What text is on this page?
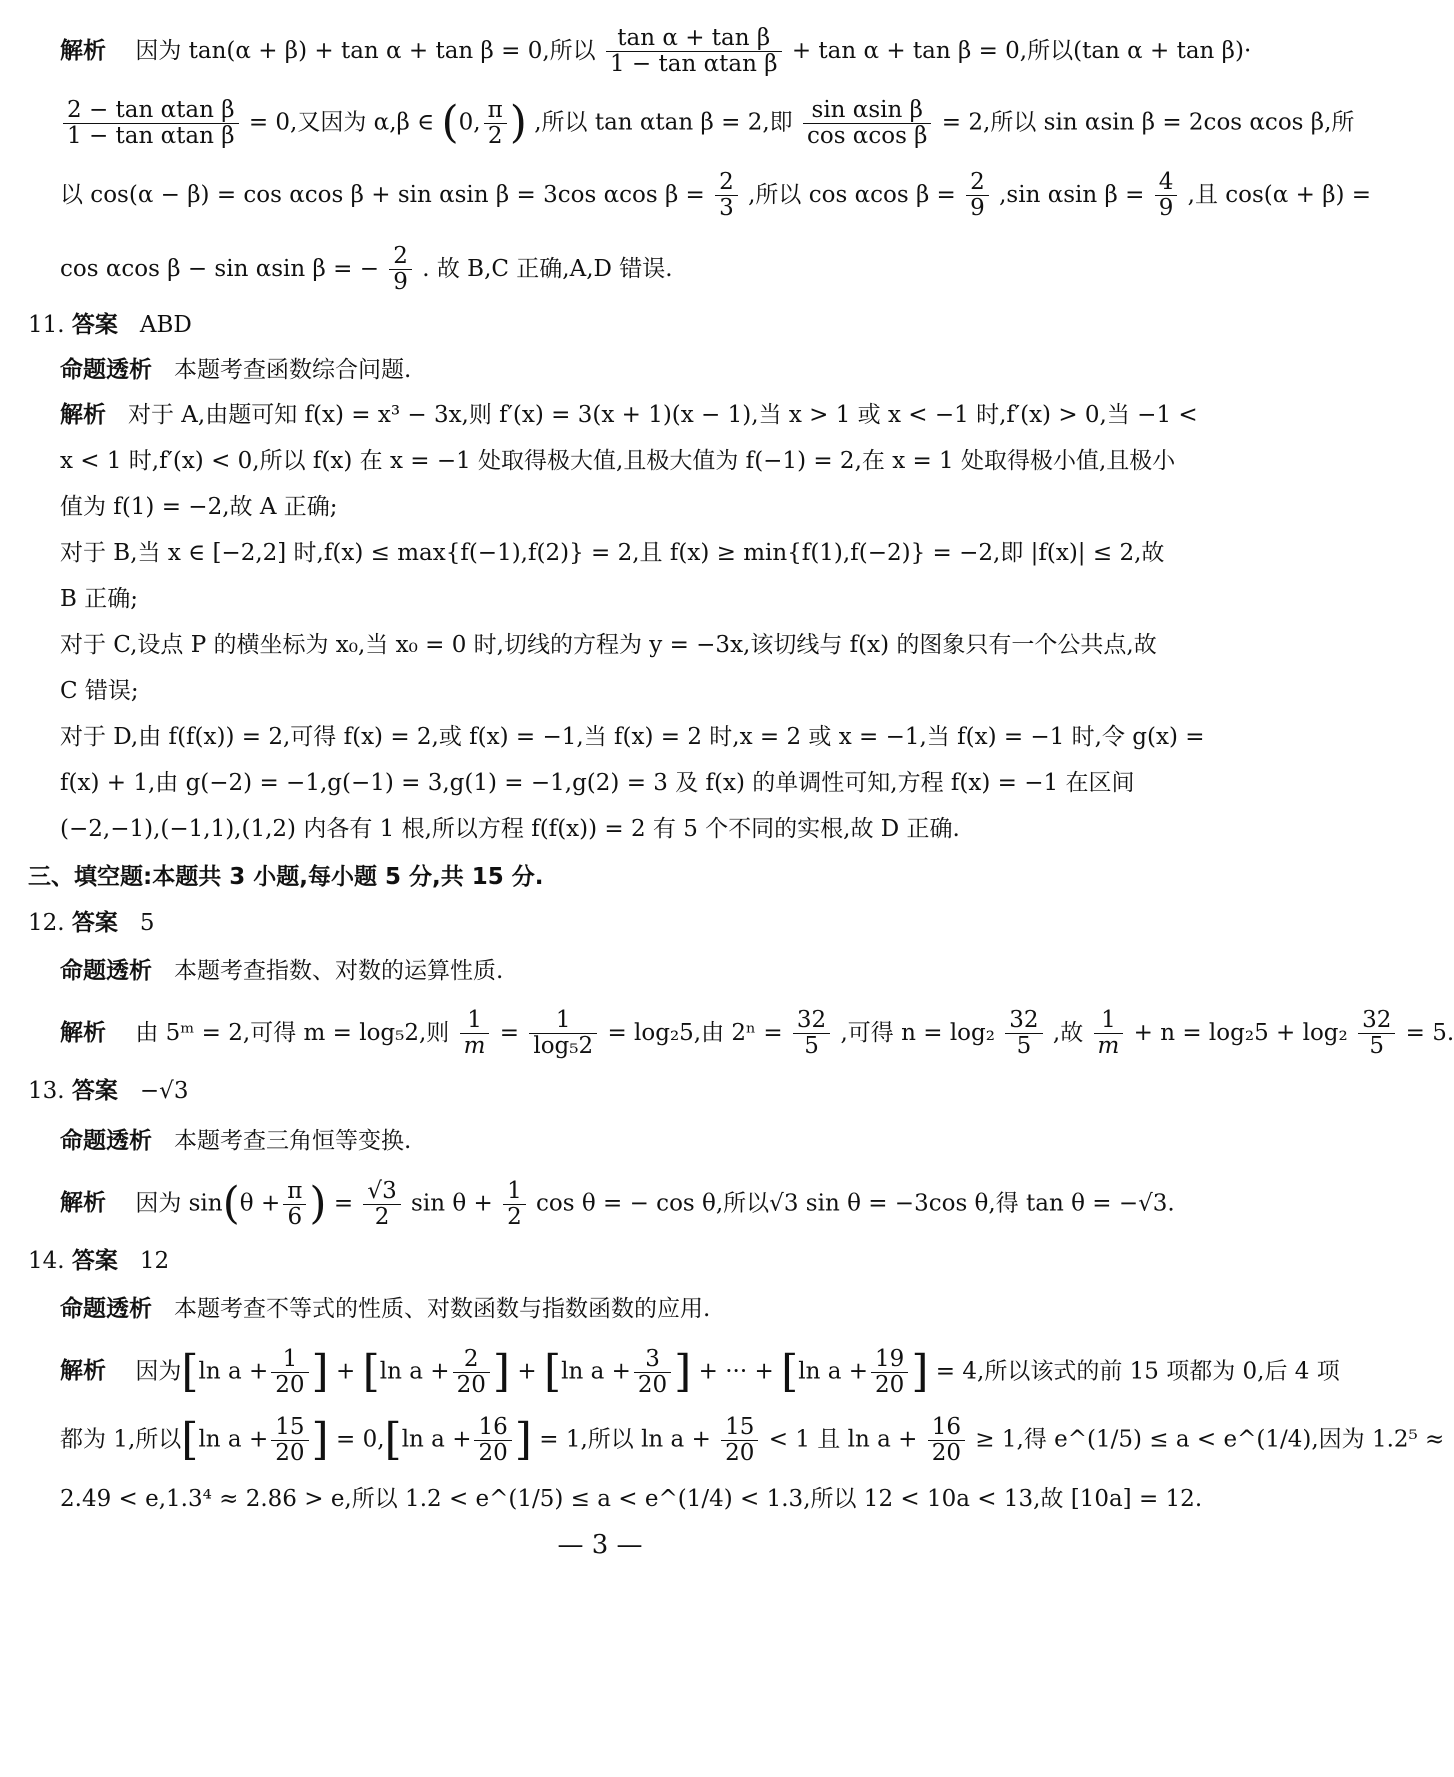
解析 因为 tan(α + β) + tan α + tan β = 0,所以 $\frac{\text{tan α + tan β}}{\text{1 − tan αtan β}} + \tan \alpha + \tan \beta = 0$,所以(tan α + tan β)·
$\frac{\text{2 − tan αtan β}}{\text{1 − tan αtan β}} = 0$,又因为 α,β ∈ (0, $\frac{\pi}{2}$ ) ,所以 tan αtan β = 2,即 $\frac{\text{sin αsin β}}{\text{cos αcos β}} = 2$,所以 sin αsin β = 2cos αcos β,所
以 cos(α − β) = cos αcos β + sin αsin β = 3cos αcos $\beta = \frac{2}{3}$ ,所以 cos αcos $\beta = \frac{2}{9} ,\sin$ αsin $\beta = \frac{4}{9}$ ,且 cos(α + β) =
cos αcos β − sin αsin β = − $\frac{2}{9}$ . 故 B,C 正确,A,D 错误.
11. 答案 ABD
命题透析 本题考查函数综合问题.
解析 对于 A,由题可知 f(x) = x³ − 3x,则 f′(x) = 3(x + 1)(x − 1),当 x > 1 或 x < −1 时,f′(x) > 0,当 −1 <
x < 1 时,f′(x) < 0,所以 f(x) 在 x = −1 处取得极大值,且极大值为 f(−1) = 2,在 x = 1 处取得极小值,且极小
值为 f(1) = −2,故 A 正确;
对于 B,当 x ∈ [−2,2] 时,f(x) ≤ max{f(−1),f(2)} = 2,且 f(x) ≥ min{f(1),f(−2)} = −2,即 |f(x)| ≤ 2,故
B 正确;
对于 C,设点 P 的横坐标为 x₀,当 x₀ = 0 时,切线的方程为 y = −3x,该切线与 f(x) 的图象只有一个公共点,故
C 错误;
对于 D,由 f(f(x)) = 2,可得 f(x) = 2,或 f(x) = −1,当 f(x) = 2 时,x = 2 或 x = −1,当 f(x) = −1 时,令 g(x) =
f(x) + 1,由 g(−2) = −1,g(−1) = 3,g(1) = −1,g(2) = 3 及 f(x) 的单调性可知,方程 f(x) = −1 在区间
(−2,−1),(−1,1),(1,2) 内各有 1 根,所以方程 f(f(x)) = 2 有 5 个不同的实根,故 D 正确.
三、填空题:本题共 3 小题,每小题 5 分,共 15 分.
12. 答案 5
命题透析 本题考查指数、对数的运算性质.
解析 由 5ᵐ = 2,可得 m = log₅2,则 $\frac{1}{m} = \frac{1}{\text{log₅2}} = \log_25$,由 $2^n = \frac{32}{5}$ ,可得 $n = \log_2 \frac{32}{5}$ ,故 $\frac{1}{m} + n = \log_25 + \log_2 \frac{32}{5} = 5$.
13. 答案 −√3
命题透析 本题考查三角恒等变换.
解析 因为 $\sin(\theta + \frac{\pi}{6}$ ) = $\frac{√3}{2}$ $\sin \theta + \frac{1}{2}$ cos θ = − cos θ,所以√3 sin θ = −3cos θ,得 tan θ = −√3.
14. 答案 12
命题透析 本题考查不等式的性质、对数函数与指数函数的应用.
解析 因为[ln $a + \frac{1}{20}$ ] + [ln $a + \frac{2}{20}$ ] + [ln $a + \frac{3}{20}$ ] + ··· + [ln $a + \frac{19}{20}$ ] = 4,所以该式的前 15 项都为 0,后 4 项
都为 1,所以[ln $a + \frac{15}{20}$ ] = 0,[ln $a + \frac{16}{20}$ ] = 1,所以 $\ln a + \frac{15}{20} < 1$ 且 $\ln a + \frac{16}{20} \ge 1$,得 e^(1/5) ≤ a < e^(1/4),因为 1.2⁵ ≈
2.49 < e,1.3⁴ ≈ 2.86 > e,所以 1.2 < e^(1/5) ≤ a < e^(1/4) < 1.3,所以 12 < 10a < 13,故 [10a] = 12.
— 3 —
